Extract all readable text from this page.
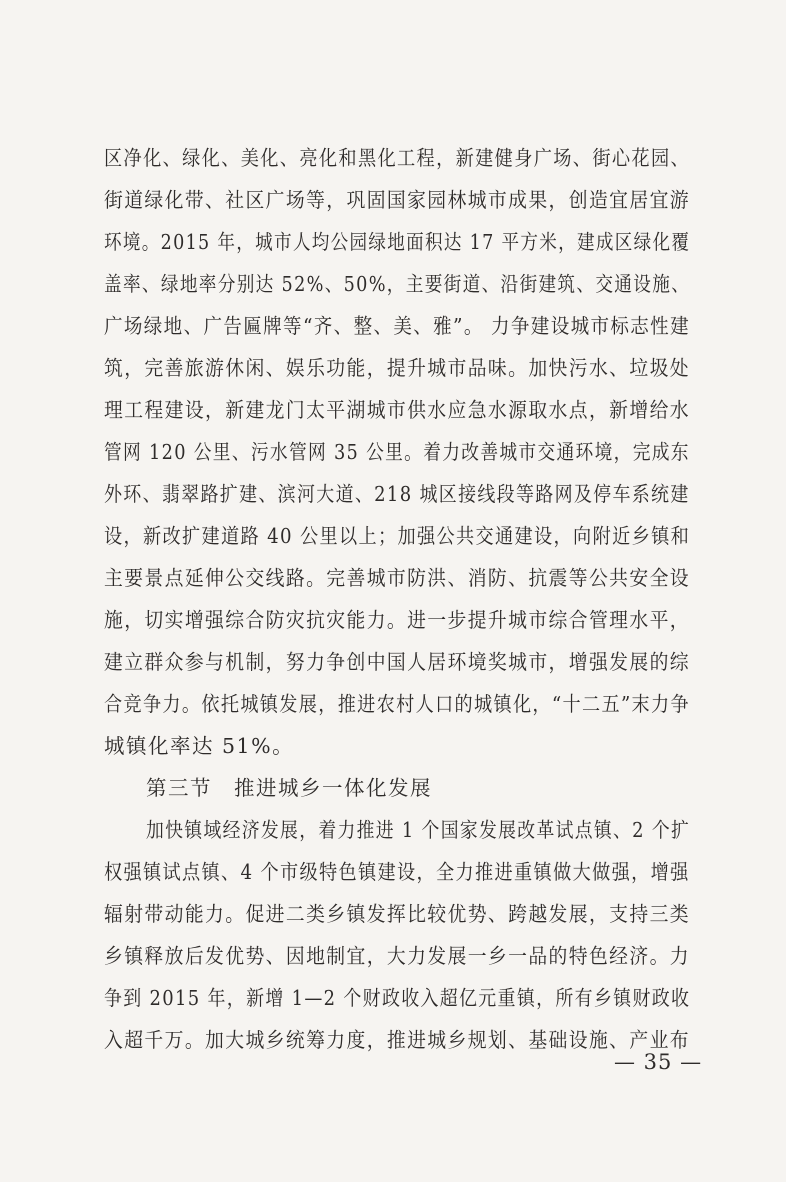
区净化、绿化、美化、亮化和黑化工程，新建健身广场、街心花园、
街道绿化带、社区广场等，巩固国家园林城市成果，创造宜居宜游
环境。2015 年，城市人均公园绿地面积达 17 平方米，建成区绿化覆
盖率、绿地率分别达 52%、50%，主要街道、沿街建筑、交通设施、
广场绿地、广告匾牌等“齐、整、美、雅”。 力争建设城市标志性建
筑，完善旅游休闲、娱乐功能，提升城市品味。加快污水、垃圾处
理工程建设，新建龙门太平湖城市供水应急水源取水点，新增给水
管网 120 公里、污水管网 35 公里。着力改善城市交通环境，完成东
外环、翡翠路扩建、滨河大道、218 城区接线段等路网及停车系统建
设，新改扩建道路 40 公里以上；加强公共交通建设，向附近乡镇和
主要景点延伸公交线路。完善城市防洪、消防、抗震等公共安全设
施，切实增强综合防灾抗灾能力。进一步提升城市综合管理水平，
建立群众参与机制，努力争创中国人居环境奖城市，增强发展的综
合竞争力。依托城镇发展，推进农村人口的城镇化，“十二五”末力争
城镇化率达 51%。
第三节　推进城乡一体化发展
加快镇域经济发展，着力推进 1 个国家发展改革试点镇、2 个扩
权强镇试点镇、4 个市级特色镇建设，全力推进重镇做大做强，增强
辐射带动能力。促进二类乡镇发挥比较优势、跨越发展，支持三类
乡镇释放后发优势、因地制宜，大力发展一乡一品的特色经济。力
争到 2015 年，新增 1—2 个财政收入超亿元重镇，所有乡镇财政收
入超千万。加大城乡统筹力度，推进城乡规划、基础设施、产业布
— 35 —
